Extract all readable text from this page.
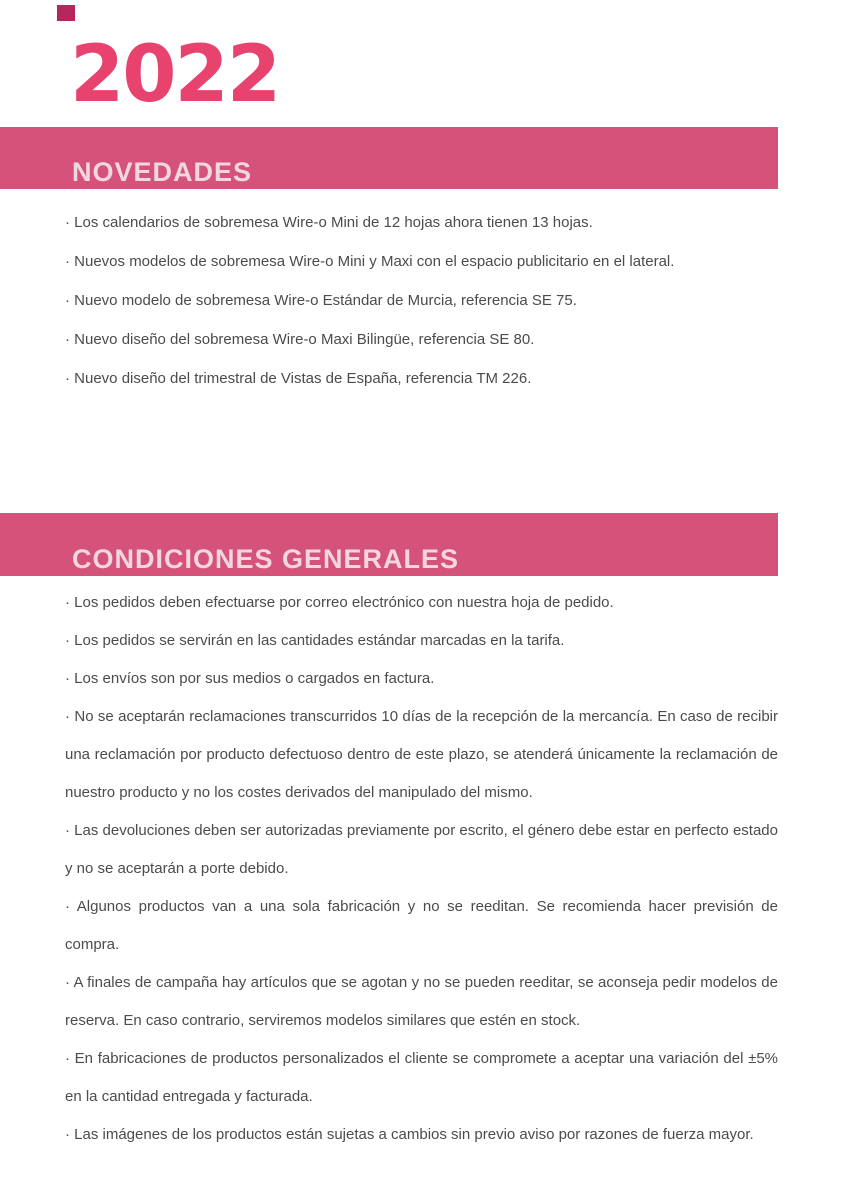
2022
NOVEDADES

· Los calendarios de sobremesa Wire-o Mini de 12 hojas ahora tienen 13 hojas.

· Nuevos modelos de sobremesa Wire-o Mini y Maxi con el espacio publicitario en el lateral.

· Nuevo modelo de sobremesa Wire-o Estándar de Murcia, referencia SE 75.

· Nuevo diseño del sobremesa Wire-o Maxi Bilingüe, referencia SE 80.

· Nuevo diseño del trimestral de Vistas de España, referencia TM 226.

CONDICIONES GENERALES

· Los pedidos deben efectuarse por correo electrónico con nuestra hoja de pedido.

· Los pedidos se servirán en las cantidades estándar marcadas en la tarifa.

· Los envíos son por sus medios o cargados en factura.

· No se aceptarán reclamaciones transcurridos 10 días de la recepción de la mercancía. En caso de recibir una reclamación por producto defectuoso dentro de este plazo, se atenderá únicamente la reclamación de nuestro producto y no los costes derivados del manipulado del mismo.

· Las devoluciones deben ser autorizadas previamente por escrito, el género debe estar en perfecto estado y no se aceptarán a porte debido.

· Algunos productos van a una sola fabricación y no se reeditan. Se recomienda hacer previsión de compra.

· A finales de campaña hay artículos que se agotan y no se pueden reeditar, se aconseja pedir modelos de reserva. En caso contrario, serviremos modelos similares que estén en stock.

· En fabricaciones de productos personalizados el cliente se compromete a aceptar una variación del ±5% en la cantidad entregada y facturada.

· Las imágenes de los productos están sujetas a cambios sin previo aviso por razones de fuerza mayor.
